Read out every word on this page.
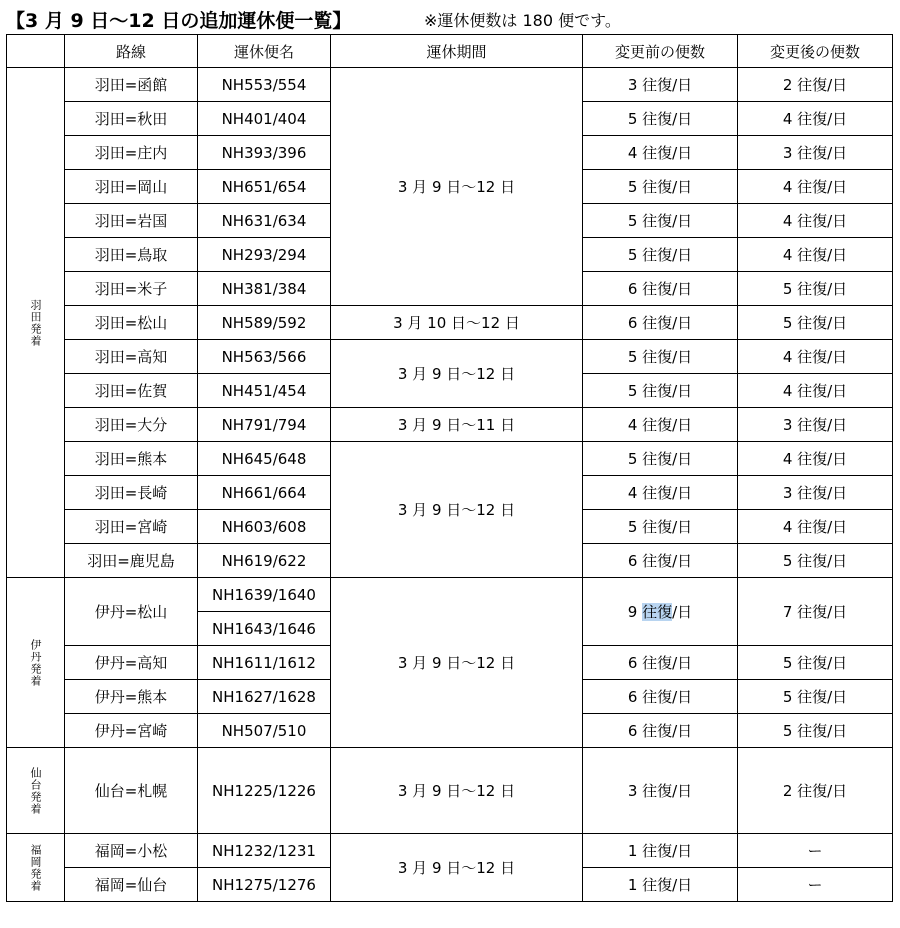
【3 月 9 日～12 日の追加運休便一覧】	※運休便数は 180 便です。
	路線	運休便名	運休期間	変更前の便数	変更後の便数
羽田発着	羽田=函館	NH553/554	3 月 9 日～12 日	3 往復/日	2 往復/日
	羽田=秋田	NH401/404		5 往復/日	4 往復/日
	羽田=庄内	NH393/396		4 往復/日	3 往復/日
	羽田=岡山	NH651/654		5 往復/日	4 往復/日
	羽田=岩国	NH631/634		5 往復/日	4 往復/日
	羽田=鳥取	NH293/294		5 往復/日	4 往復/日
	羽田=米子	NH381/384		6 往復/日	5 往復/日
	羽田=松山	NH589/592	3 月 10 日～12 日	6 往復/日	5 往復/日
	羽田=高知	NH563/566	3 月 9 日～12 日	5 往復/日	4 往復/日
	羽田=佐賀	NH451/454		5 往復/日	4 往復/日
	羽田=大分	NH791/794	3 月 9 日～11 日	4 往復/日	3 往復/日
	羽田=熊本	NH645/648	3 月 9 日～12 日	5 往復/日	4 往復/日
	羽田=長崎	NH661/664		4 往復/日	3 往復/日
	羽田=宮崎	NH603/608		5 往復/日	4 往復/日
	羽田=鹿児島	NH619/622		6 往復/日	5 往復/日
伊丹発着	伊丹=松山	NH1639/1640	3 月 9 日～12 日	9 往復/日	7 往復/日
		NH1643/1646			
	伊丹=高知	NH1611/1612		6 往復/日	5 往復/日
	伊丹=熊本	NH1627/1628		6 往復/日	5 往復/日
	伊丹=宮崎	NH507/510		6 往復/日	5 往復/日
仙台発着	仙台=札幌	NH1225/1226	3 月 9 日～12 日	3 往復/日	2 往復/日
福岡発着	福岡=小松	NH1232/1231	3 月 9 日～12 日	1 往復/日	ー
	福岡=仙台	NH1275/1276		1 往復/日	ー
